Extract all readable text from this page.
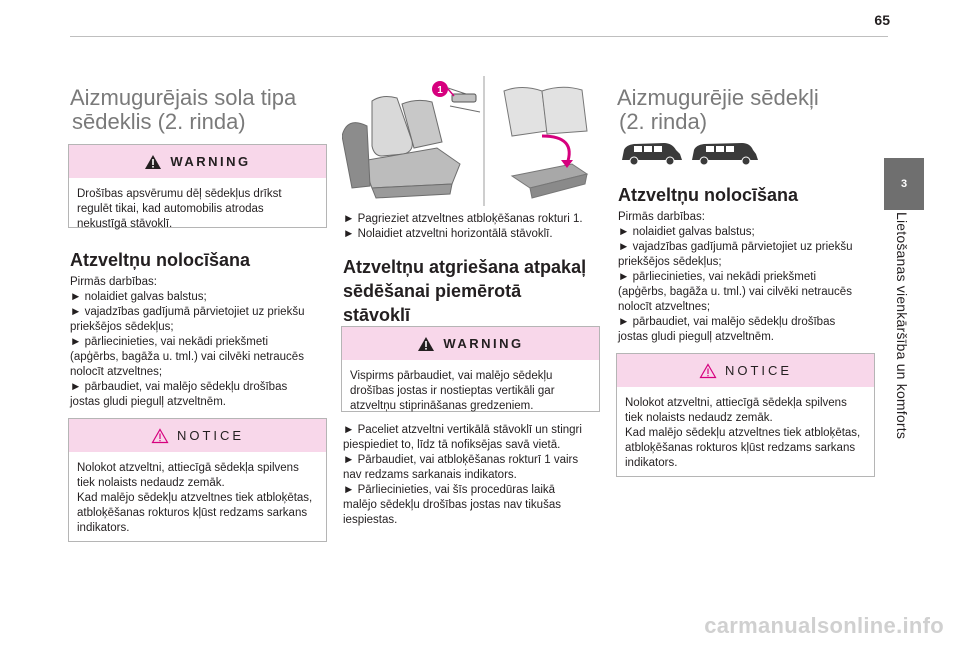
65
3
Lietošanas vienkāršība un komforts
Aizmugurējais sola tipa
sēdeklis (2. rinda)
WARNING
Drošības apsvērumu dēļ sēdekļus drīkst
regulēt tikai, kad automobilis atrodas
nekustīgā stāvoklī.
Atzveltņu nolocīšana
Pirmās darbības:
► nolaidiet galvas balstus;
► vajadzības gadījumā pārvietojiet uz priekšu
priekšējos sēdekļus;
► pārliecinieties, vai nekādi priekšmeti
(apģērbs, bagāža u. tml.) vai cilvēki netraucēs
nolocīt atzveltnes;
► pārbaudiet, vai malējo sēdekļu drošības
jostas gludi piegulļ atzveltnēm.
NOTICE
Nolokot atzveltni, attiecīgā sēdekļa spilvens
tiek nolaists nedaudz zemāk.
Kad malējo sēdekļu atzveltnes tiek atbloķētas,
atbloķēšanas rokturos kļūst redzams sarkans
indikators.
1
► Pagrieziet atzveltnes atbloķēšanas rokturi 1.
► Nolaidiet atzveltni horizontālā stāvoklī.
Atzveltņu atgriešana atpakaļ
sēdēšanai piemērotā
stāvoklī
WARNING
Vispirms pārbaudiet, vai malējo sēdekļu
drošības jostas ir nostieptas vertikāli gar
atzveltņu stiprināšanas gredzeniem.
► Paceliet atzveltni vertikālā stāvoklī un stingri
piespiediet to, līdz tā nofiksējas savā vietā.
► Pārbaudiet, vai atbloķēšanas rokturī 1 vairs
nav redzams sarkanais indikators.
► Pārliecinieties, vai šīs procedūras laikā
malējo sēdekļu drošības jostas nav tikušas
iespiestas.
Aizmugurējie sēdekļi
(2. rinda)
Atzveltņu nolocīšana
Pirmās darbības:
► nolaidiet galvas balstus;
► vajadzības gadījumā pārvietojiet uz priekšu
priekšējos sēdekļus;
► pārliecinieties, vai nekādi priekšmeti
(apģērbs, bagāža u. tml.) vai cilvēki netraucēs
nolocīt atzveltnes;
► pārbaudiet, vai malējo sēdekļu drošības
jostas gludi piegulļ atzveltnēm.
NOTICE
Nolokot atzveltni, attiecīgā sēdekļa spilvens
tiek nolaists nedaudz zemāk.
Kad malējo sēdekļu atzveltnes tiek atbloķētas,
atbloķēšanas rokturos kļūst redzams sarkans
indikators.
carmanualsonline.info
